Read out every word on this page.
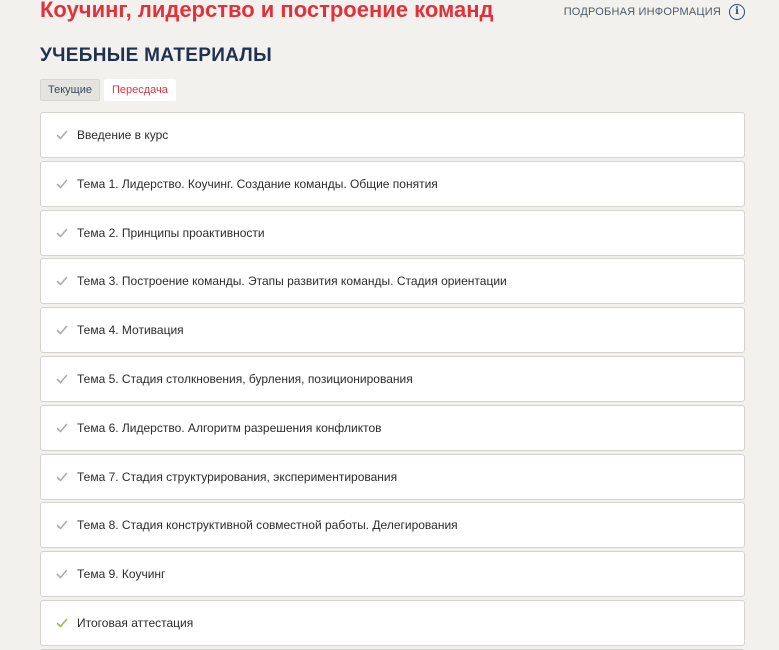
Коучинг, лидерство и построение команд	ПОДРОБНАЯ ИНФОРМАЦИЯ	i
УЧЕБНЫЕ МАТЕРИАЛЫ
Текущие	Пересдача
Введение в курс
Тема 1. Лидерство. Коучинг. Создание команды. Общие понятия
Тема 2. Принципы проактивности
Тема 3. Построение команды. Этапы развития команды. Стадия ориентации
Тема 4. Мотивация
Тема 5. Стадия столкновения, бурления, позиционирования
Тема 6. Лидерство. Алгоритм разрешения конфликтов
Тема 7. Стадия структурирования, экспериментирования
Тема 8. Стадия конструктивной совместной работы. Делегирования
Тема 9. Коучинг
Итоговая аттестация
